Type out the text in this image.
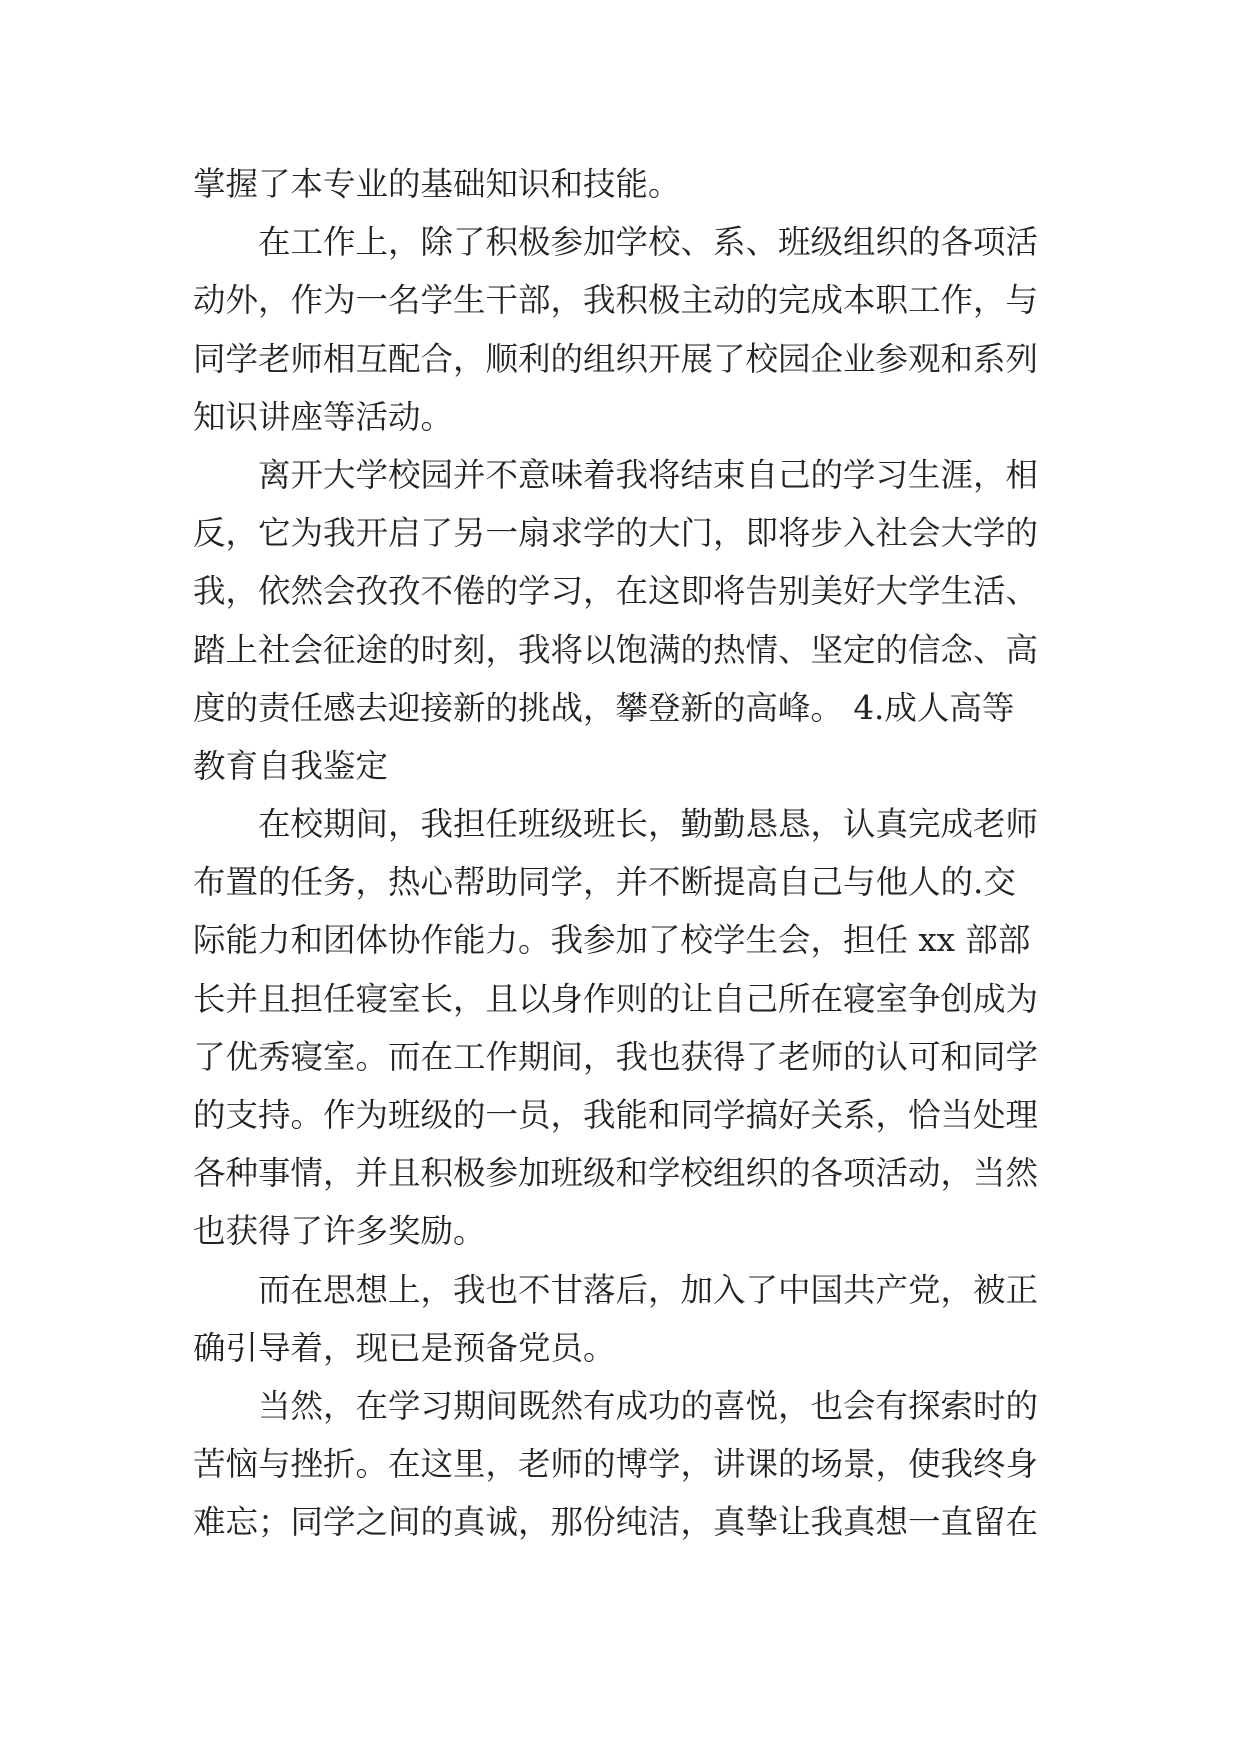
掌握了本专业的基础知识和技能。
在工作上，除了积极参加学校、系、班级组织的各项活
动外，作为一名学生干部，我积极主动的完成本职工作，与
同学老师相互配合，顺利的组织开展了校园企业参观和系列
知识讲座等活动。
离开大学校园并不意味着我将结束自己的学习生涯，相
反，它为我开启了另一扇求学的大门，即将步入社会大学的
我，依然会孜孜不倦的学习，在这即将告别美好大学生活、
踏上社会征途的时刻，我将以饱满的热情、坚定的信念、高
度的责任感去迎接新的挑战，攀登新的高峰。 4.成人高等
教育自我鉴定
在校期间，我担任班级班长，勤勤恳恳，认真完成老师
布置的任务，热心帮助同学，并不断提高自己与他人的.交
际能力和团体协作能力。我参加了校学生会，担任 xx 部部
长并且担任寝室长，且以身作则的让自己所在寝室争创成为
了优秀寝室。而在工作期间，我也获得了老师的认可和同学
的支持。作为班级的一员，我能和同学搞好关系，恰当处理
各种事情，并且积极参加班级和学校组织的各项活动，当然
也获得了许多奖励。
而在思想上，我也不甘落后，加入了中国共产党，被正
确引导着，现已是预备党员。
当然，在学习期间既然有成功的喜悦，也会有探索时的
苦恼与挫折。在这里，老师的博学，讲课的场景，使我终身
难忘；同学之间的真诚，那份纯洁，真挚让我真想一直留在
